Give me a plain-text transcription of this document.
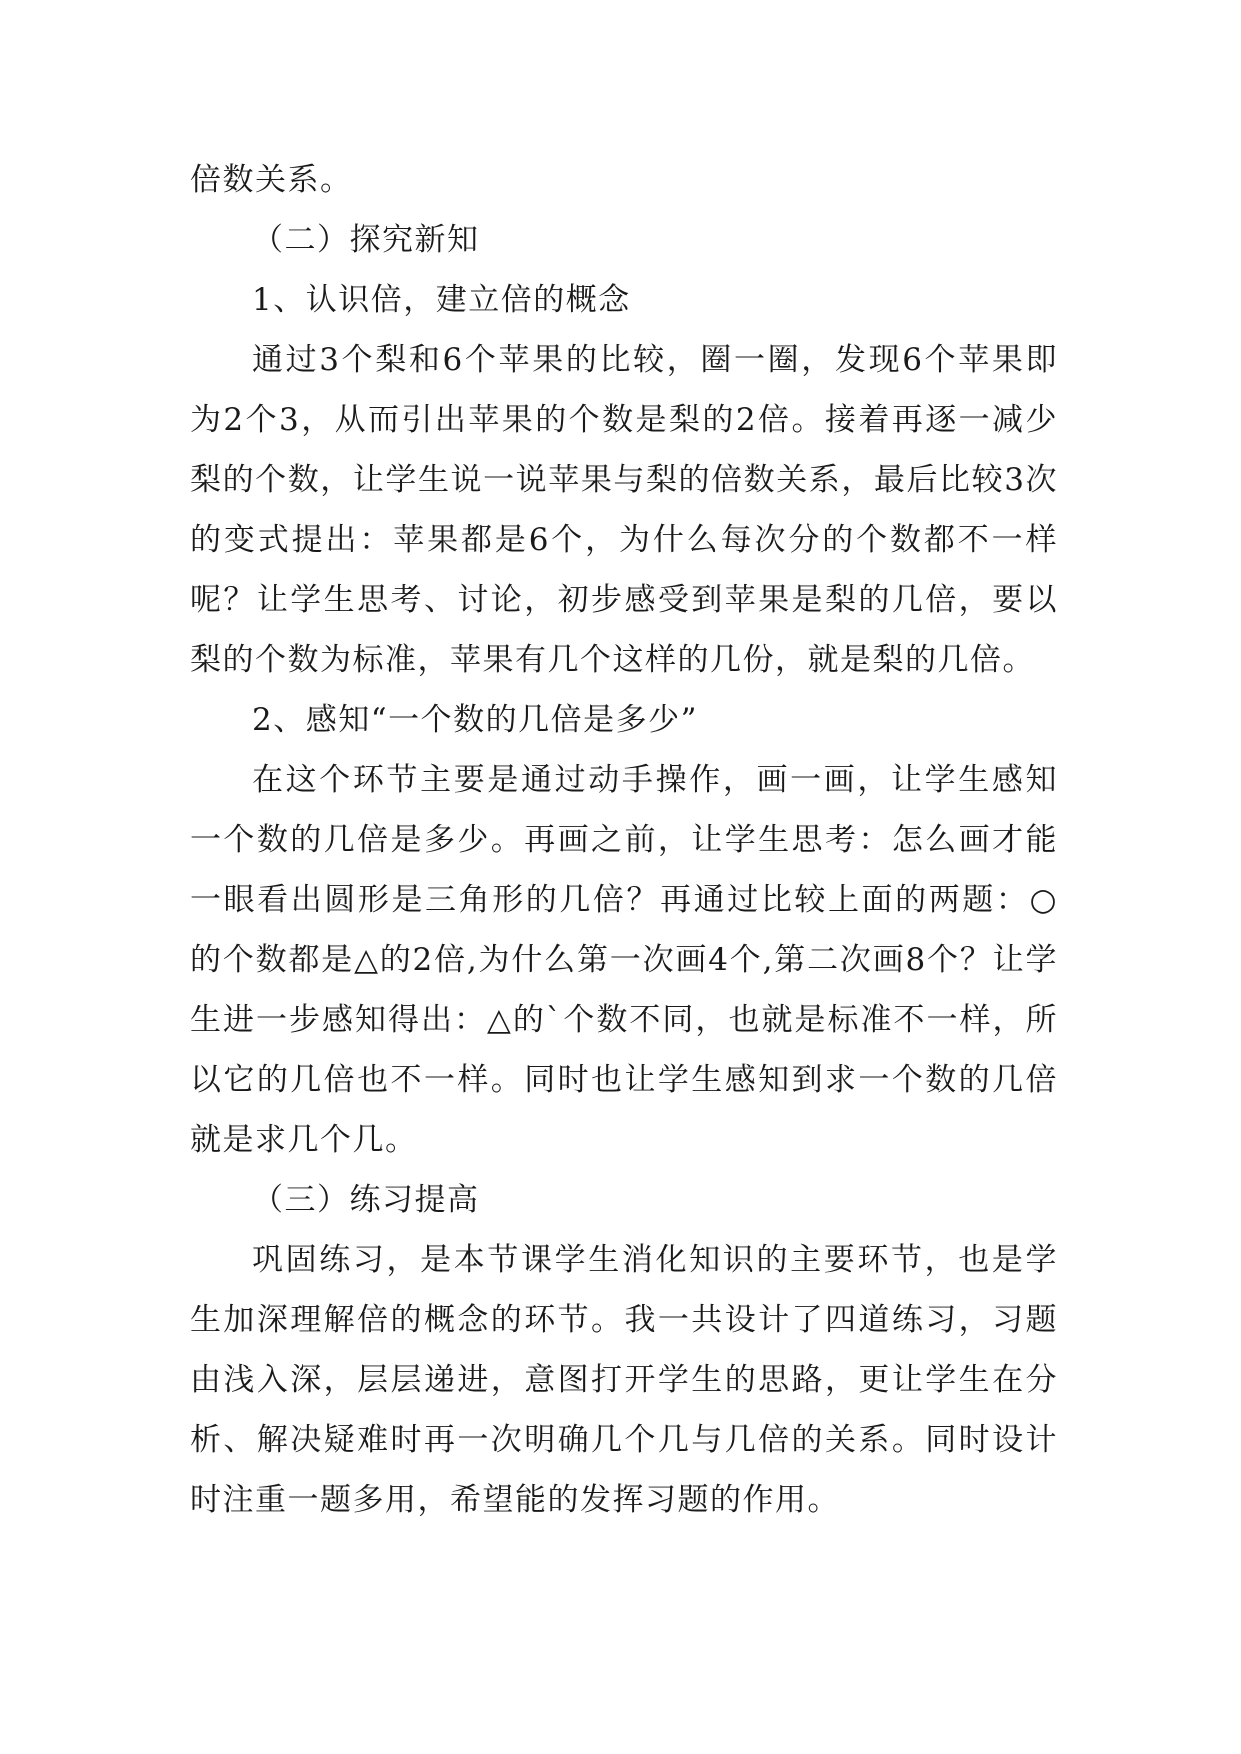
倍数关系。

（二）探究新知

1、认识倍，建立倍的概念

通过3个梨和6个苹果的比较，圈一圈，发现6个苹果即为2个3，从而引出苹果的个数是梨的2倍。接着再逐一减少梨的个数，让学生说一说苹果与梨的倍数关系，最后比较3次的变式提出：苹果都是6个，为什么每次分的个数都不一样呢？让学生思考、讨论，初步感受到苹果是梨的几倍，要以梨的个数为标准，苹果有几个这样的几份，就是梨的几倍。

2、感知“一个数的几倍是多少”

在这个环节主要是通过动手操作，画一画，让学生感知一个数的几倍是多少。再画之前，让学生思考：怎么画才能一眼看出圆形是三角形的几倍？再通过比较上面的两题：○的个数都是△的2倍,为什么第一次画4个,第二次画8个？让学生进一步感知得出：△的`个数不同，也就是标准不一样，所以它的几倍也不一样。同时也让学生感知到求一个数的几倍就是求几个几。

（三）练习提高

巩固练习，是本节课学生消化知识的主要环节，也是学生加深理解倍的概念的环节。我一共设计了四道练习，习题由浅入深，层层递进，意图打开学生的思路，更让学生在分析、解决疑难时再一次明确几个几与几倍的关系。同时设计时注重一题多用，希望能的发挥习题的作用。
